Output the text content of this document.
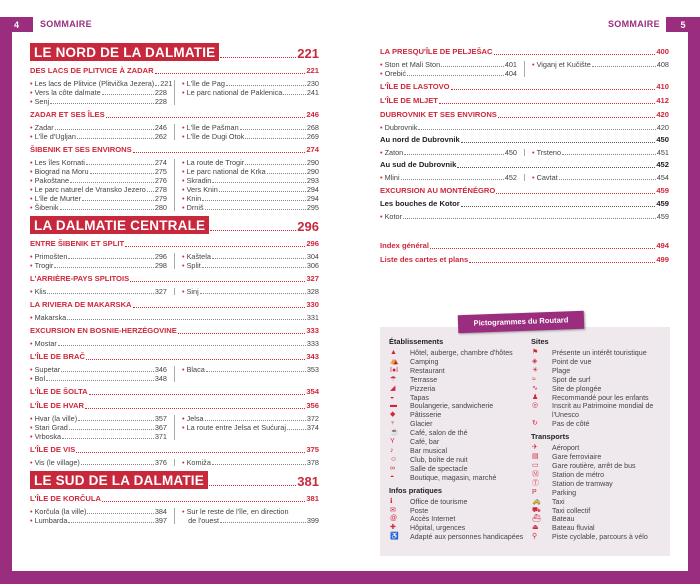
4	SOMMAIRE	5
SOMMAIRE
LE NORD DE LA DALMATIE	221
DES LACS DE PLITVICE À ZADAR	221
• Les lacs de Plitvice (Plitvička Jezera) 221
• Vers la côte dalmate	228
• Senj	228
• L'île de Pag	230
• Le parc national de Paklenica	241
ZADAR ET SES ÎLES	246
• Zadar	246
• L'île d'Ugljan	262
• L'île de Pašman	268
• L'île de Dugi Otok	269
ŠIBENIK ET SES ENVIRONS	274
• Les îles Kornati	274
• Biograd na Moru	275
• Pakoštane	276
• Le parc naturel de Vransko Jezero 278
• L'île de Murter	279
• Šibenik	280
• La route de Trogir	290
• Le parc national de Krka	290
• Skradin	293
• Vers Knin	294
• Knin	294
• Drniš	295
LA DALMATIE CENTRALE	296
ENTRE ŠIBENIK ET SPLIT	296
• Primošten	296
• Trogir	298
• Kaštela	304
• Split	306
L'ARRIÈRE-PAYS SPLITOIS	327
• Klis	327 • Sinj	328
LA RIVIERA DE MAKARSKA	330
• Makarska	331
EXCURSION EN BOSNIE-HERZÉGOVINE	333
• Mostar	333
L'ÎLE DE BRAČ	343
• Supetar	346
• Bol	348
• Blaca	353
L'ÎLE DE ŠOLTA	354
L'ÎLE DE HVAR	356
• Hvar (la ville)	357
• Stari Grad	367
• Vrboska	371
• Jelsa	372
• La route entre Jelsa et Sućuraj	374
L'ÎLE DE VIS	375
• Vis (le village)	376 • Komiža	378
LE SUD DE LA DALMATIE	381
L'ÎLE DE KORČULA	381
• Korčula (la ville)	384
• Lumbarda	397
• Sur le reste de l'île, en direction

de l'ouest	399
LA PRESQU'ÎLE DE PELJEŠAC	400
• Ston et Mali Ston	401
• Orebić	404
• Viganj et Kučište	408
L'ÎLE DE LASTOVO	410
L'ÎLE DE MLJET	412
DUBROVNIK ET SES ENVIRONS	420
• Dubrovnik	420
Au nord de Dubrovnik	450
• Zaton	450 • Trsteno	451
Au sud de Dubrovnik	452
• Mlini	452 • Cavtat	454
EXCURSION AU MONTÉNÉGRO	459
Les bouches de Kotor	459
• Kotor	459
Index général	494
Liste des cartes et plans	499
Pictogrammes du Routard
Établissements
▲	Hôtel, auberge, chambre d'hôtes
⛺	Camping
I●I	Restaurant
☂	Terrasse
◢	Pizzeria
◒	Tapas
▬	Boulangerie, sandwicherie
◆	Pâtisserie
♆	Glacier
☕	Café, salon de thé
Y	Café, bar
♪	Bar musical
☺	Club, boîte de nuit
∞	Salle de spectacle
◓	Boutique, magasin, marché
Infos pratiques
ℹ	Office de tourisme
✉	Poste
@	Accès Internet
✚	Hôpital, urgences
♿	Adapté aux personnes handicapées
Sites
⚑	Présente un intérêt touristique
◈	Point de vue
☀	Plage
≈	Spot de surf
∿	Site de plongée
♟	Recommandé pour les enfants
◎	Inscrit au Patrimoine mondial de l'Unesco
↻	Pas de côté
Transports
✈	Aéroport
▤	Gare ferroviaire
▭	Gare routière, arrêt de bus
Ⓜ	Station de métro
Ⓣ	Station de tramway
P	Parking
🚕	Taxi
⛟	Taxi collectif
⛴	Bateau
⏏	Bateau fluvial
⚲	Piste cyclable, parcours à vélo
